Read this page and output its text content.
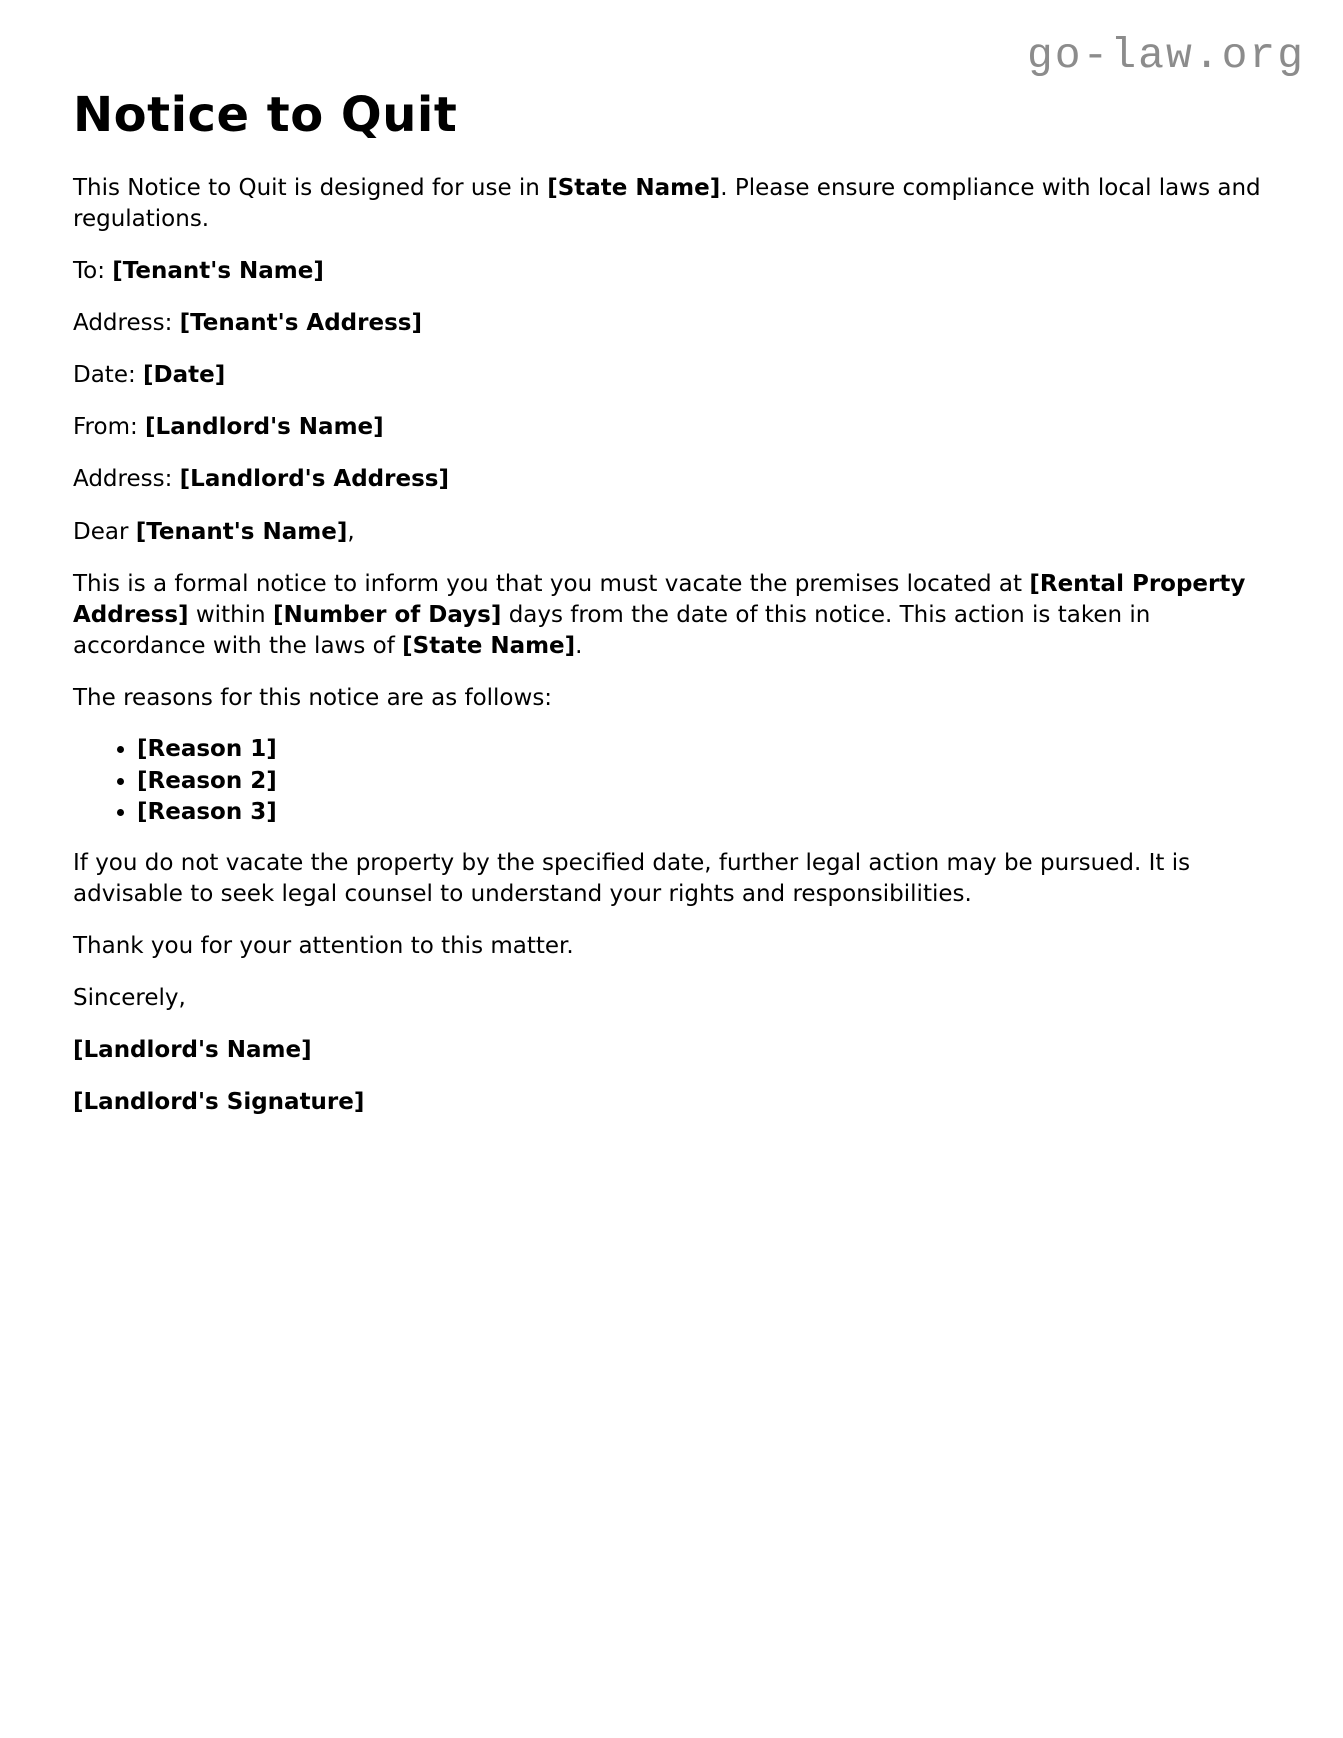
go-law.org
Notice to Quit

This Notice to Quit is designed for use in [State Name]. Please ensure compliance with local laws and regulations.

To: [Tenant's Name]

Address: [Tenant's Address]

Date: [Date]

From: [Landlord's Name]

Address: [Landlord's Address]

Dear [Tenant's Name],

This is a formal notice to inform you that you must vacate the premises located at [Rental Property Address] within [Number of Days] days from the date of this notice. This action is taken in accordance with the laws of [State Name].

The reasons for this notice are as follows:

• [Reason 1]
• [Reason 2]
• [Reason 3]

If you do not vacate the property by the specified date, further legal action may be pursued. It is advisable to seek legal counsel to understand your rights and responsibilities.

Thank you for your attention to this matter.

Sincerely,

[Landlord's Name]

[Landlord's Signature]
